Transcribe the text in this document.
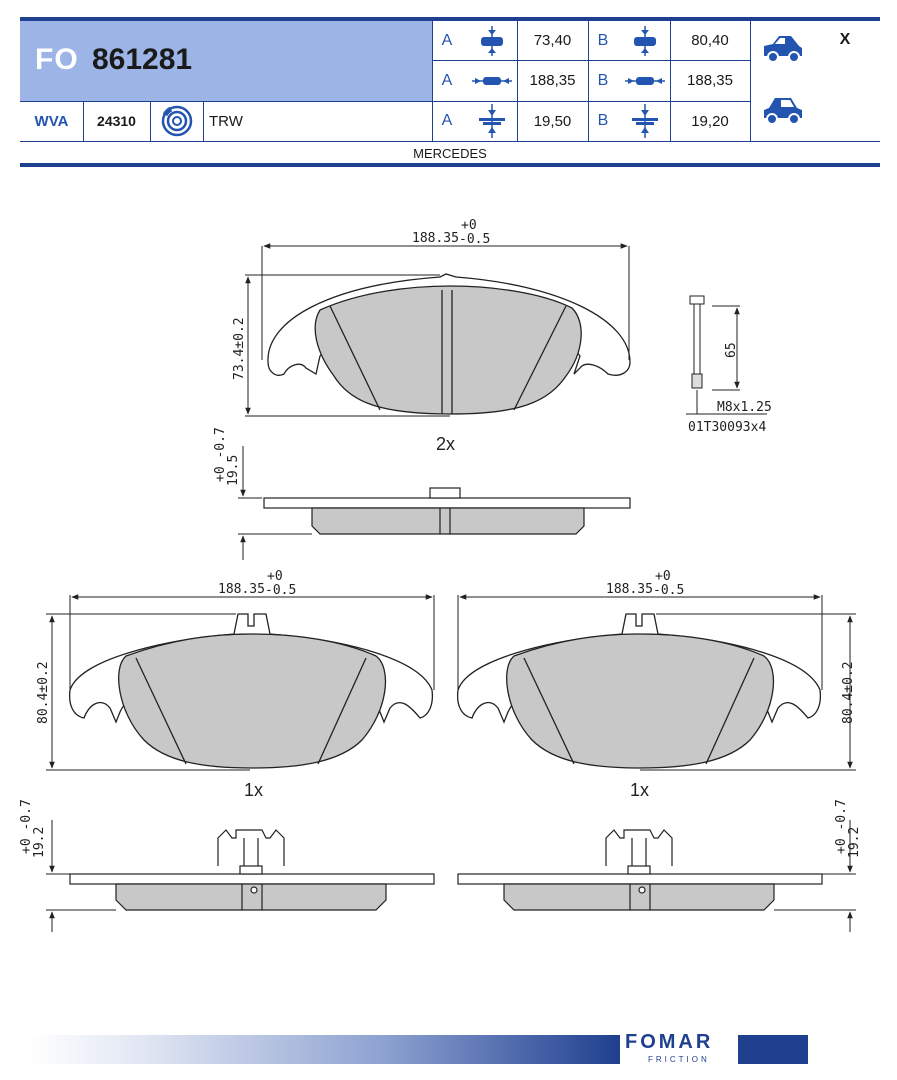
FO 861281
WVA	24310	TRW
A	73,40	B	80,40
A	188,35	B	188,35
A	19,50	B	19,20
X
MERCEDES
188.35
+0
-0.5
73.4±0.2
2x
65
M8x1.25
01T30093x4
19.5
+0 -0.7
188.35
+0
-0.5
80.4±0.2
1x
19.2
+0 -0.7
188.35
+0
-0.5
80.4±0.2
1x
19.2
+0 -0.7
FOMAR
FRICTION
